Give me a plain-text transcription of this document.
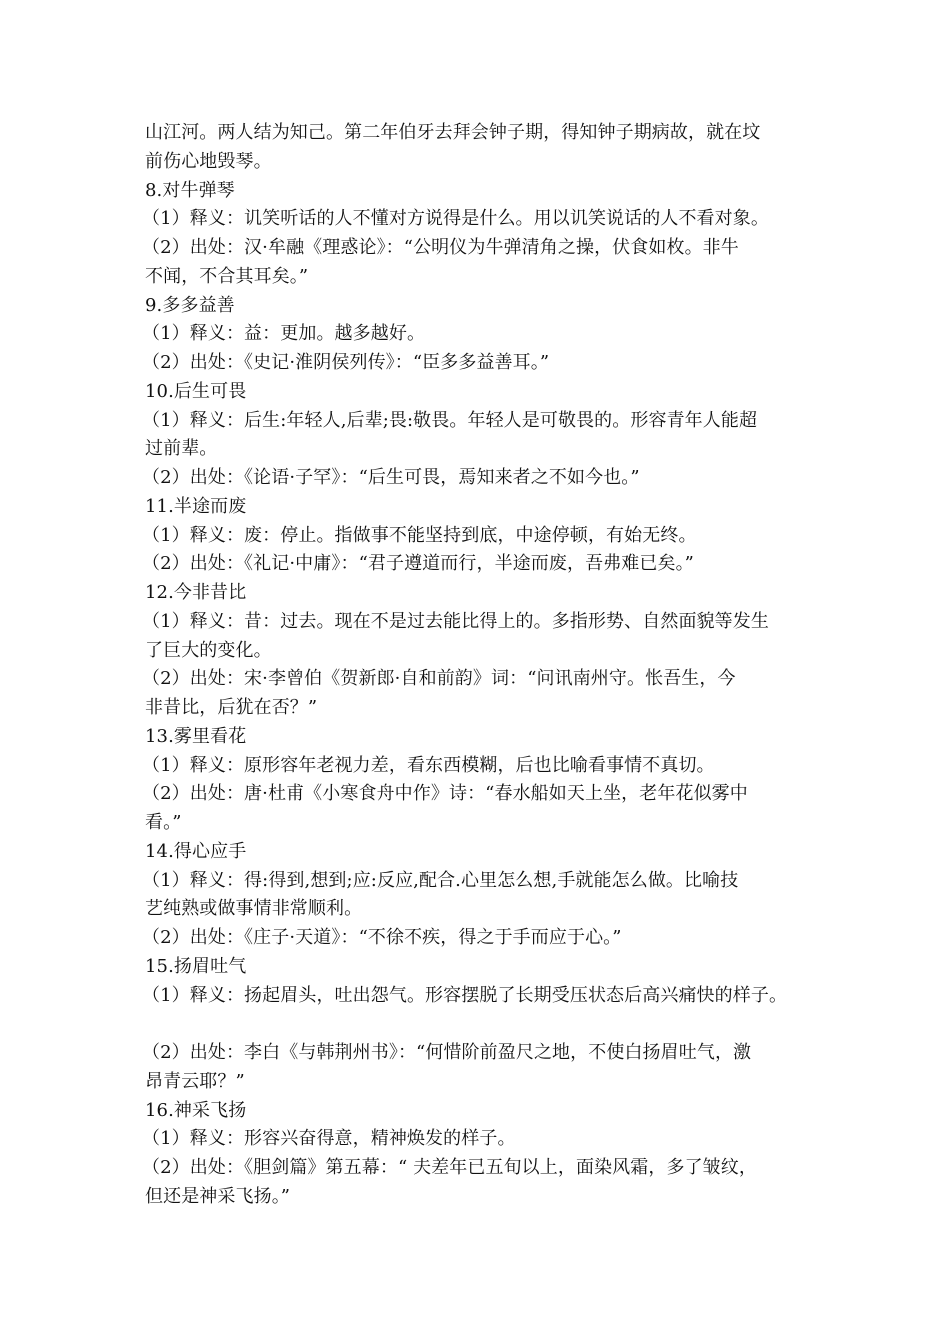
山江河。两人结为知己。第二年伯牙去拜会钟子期，得知钟子期病故，就在坟
前伤心地毁琴。
8.对牛弹琴
（1）释义：讥笑听话的人不懂对方说得是什么。用以讥笑说话的人不看对象。
（2）出处：汉·牟融《理惑论》：“公明仪为牛弹清角之操，伏食如枚。非牛
不闻，不合其耳矣。”
9.多多益善
（1）释义：益：更加。越多越好。
（2）出处：《史记·淮阴侯列传》：“臣多多益善耳。”
10.后生可畏
（1）释义：后生:年轻人,后辈;畏:敬畏。年轻人是可敬畏的。形容青年人能超
过前辈。
（2）出处：《论语·子罕》：“后生可畏，焉知来者之不如今也。”
11.半途而废
（1）释义：废：停止。指做事不能坚持到底，中途停顿，有始无终。
（2）出处：《礼记·中庸》：“君子遵道而行，半途而废，吾弗难已矣。”
12.今非昔比
（1）释义：昔：过去。现在不是过去能比得上的。多指形势、自然面貌等发生
了巨大的变化。
（2）出处：宋·李曾伯《贺新郎·自和前韵》词：“问讯南州守。怅吾生，今
非昔比，后犹在否？”
13.雾里看花
（1）释义：原形容年老视力差，看东西模糊，后也比喻看事情不真切。
（2）出处：唐·杜甫《小寒食舟中作》诗：“春水船如天上坐，老年花似雾中
看。”
14.得心应手
（1）释义：得:得到,想到;应:反应,配合.心里怎么想,手就能怎么做。比喻技
艺纯熟或做事情非常顺利。
（2）出处：《庄子·天道》：“不徐不疾，得之于手而应于心。”
15.扬眉吐气
（1）释义：扬起眉头，吐出怨气。形容摆脱了长期受压状态后高兴痛快的样子。
（2）出处：李白《与韩荆州书》：“何惜阶前盈尺之地，不使白扬眉吐气，激
昂青云耶？”
16.神采飞扬
（1）释义：形容兴奋得意，精神焕发的样子。
（2）出处：《胆剑篇》第五幕：“ 夫差年已五旬以上，面染风霜，多了皱纹，
但还是神采飞扬。”
